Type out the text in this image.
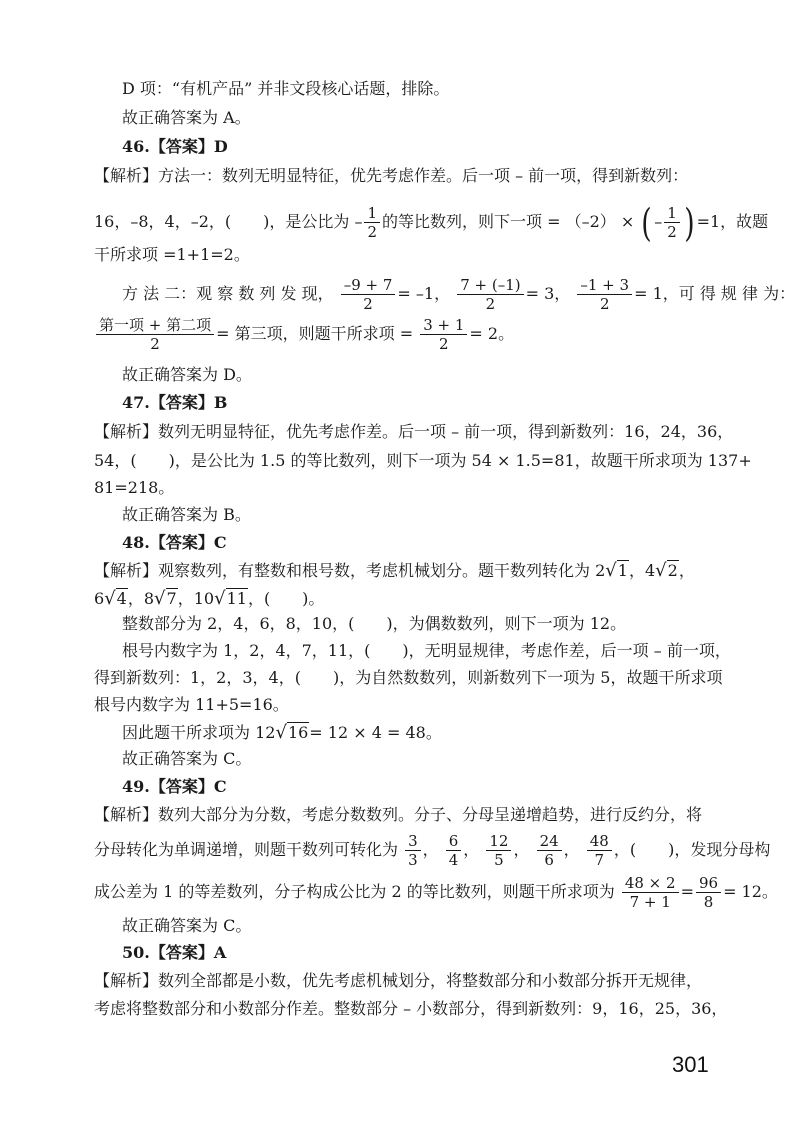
D 项：“有机产品” 并非文段核心话题，排除。
故正确答案为 A。
46.【答案】D
【解析】方法一：数列无明显特征，优先考虑作差。后一项 – 前一项，得到新数列：
16，–8，4，–2，(　　)，是公比为 – $\frac{1}{2}$ 的等比数列，则下一项 = （–2） × ( – $\frac{1}{2}$ ) =1，故题
干所求项 =1+1=2。
方 法 二：观 察 数 列 发 现， $\frac{-9 + 7}{2} = -1$， $\frac{7 + (-1)}{2} = 3$， $\frac{-1 + 3}{2} = 1$，可 得 规 律 为：
$\frac{\text{第一项 + 第二项}}{2}$ = 第三项，则题干所求项 = $\frac{3 + 1}{2} = 2$。
故正确答案为 D。
47.【答案】B
【解析】数列无明显特征，优先考虑作差。后一项 – 前一项，得到新数列：16，24，36，
54，(　　)，是公比为 1.5 的等比数列，则下一项为 54 × 1.5=81，故题干所求项为 137+
81=218。
故正确答案为 B。
48.【答案】C
【解析】观察数列，有整数和根号数，考虑机械划分。题干数列转化为 2√1，4√2，
6√4，8√7，10√11，(　　)。
整数部分为 2，4，6，8，10，(　　)，为偶数数列，则下一项为 12。
根号内数字为 1，2，4，7，11，(　　)，无明显规律，考虑作差，后一项 – 前一项，
得到新数列：1，2，3，4，(　　)，为自然数数列，则新数列下一项为 5，故题干所求项
根号内数字为 11+5=16。
因此题干所求项为 12√16= 12 × 4 = 48。
故正确答案为 C。
49.【答案】C
【解析】数列大部分为分数，考虑分数数列。分子、分母呈递增趋势，进行反约分，将
分母转化为单调递增，则题干数列可转化为 $\frac{3}{3}$ ， $\frac{6}{4}$ ， $\frac{12}{5}$ ， $\frac{24}{6}$ ， $\frac{48}{7}$ ，(　　)，发现分母构
成公差为 1 的等差数列，分子构成公比为 2 的等比数列，则题干所求项为 $\frac{48 \times 2}{7 + 1} = \frac{96}{8} = 12$。
故正确答案为 C。
50.【答案】A
【解析】数列全部都是小数，优先考虑机械划分，将整数部分和小数部分拆开无规律，
考虑将整数部分和小数部分作差。整数部分 – 小数部分，得到新数列：9，16，25，36，
301
